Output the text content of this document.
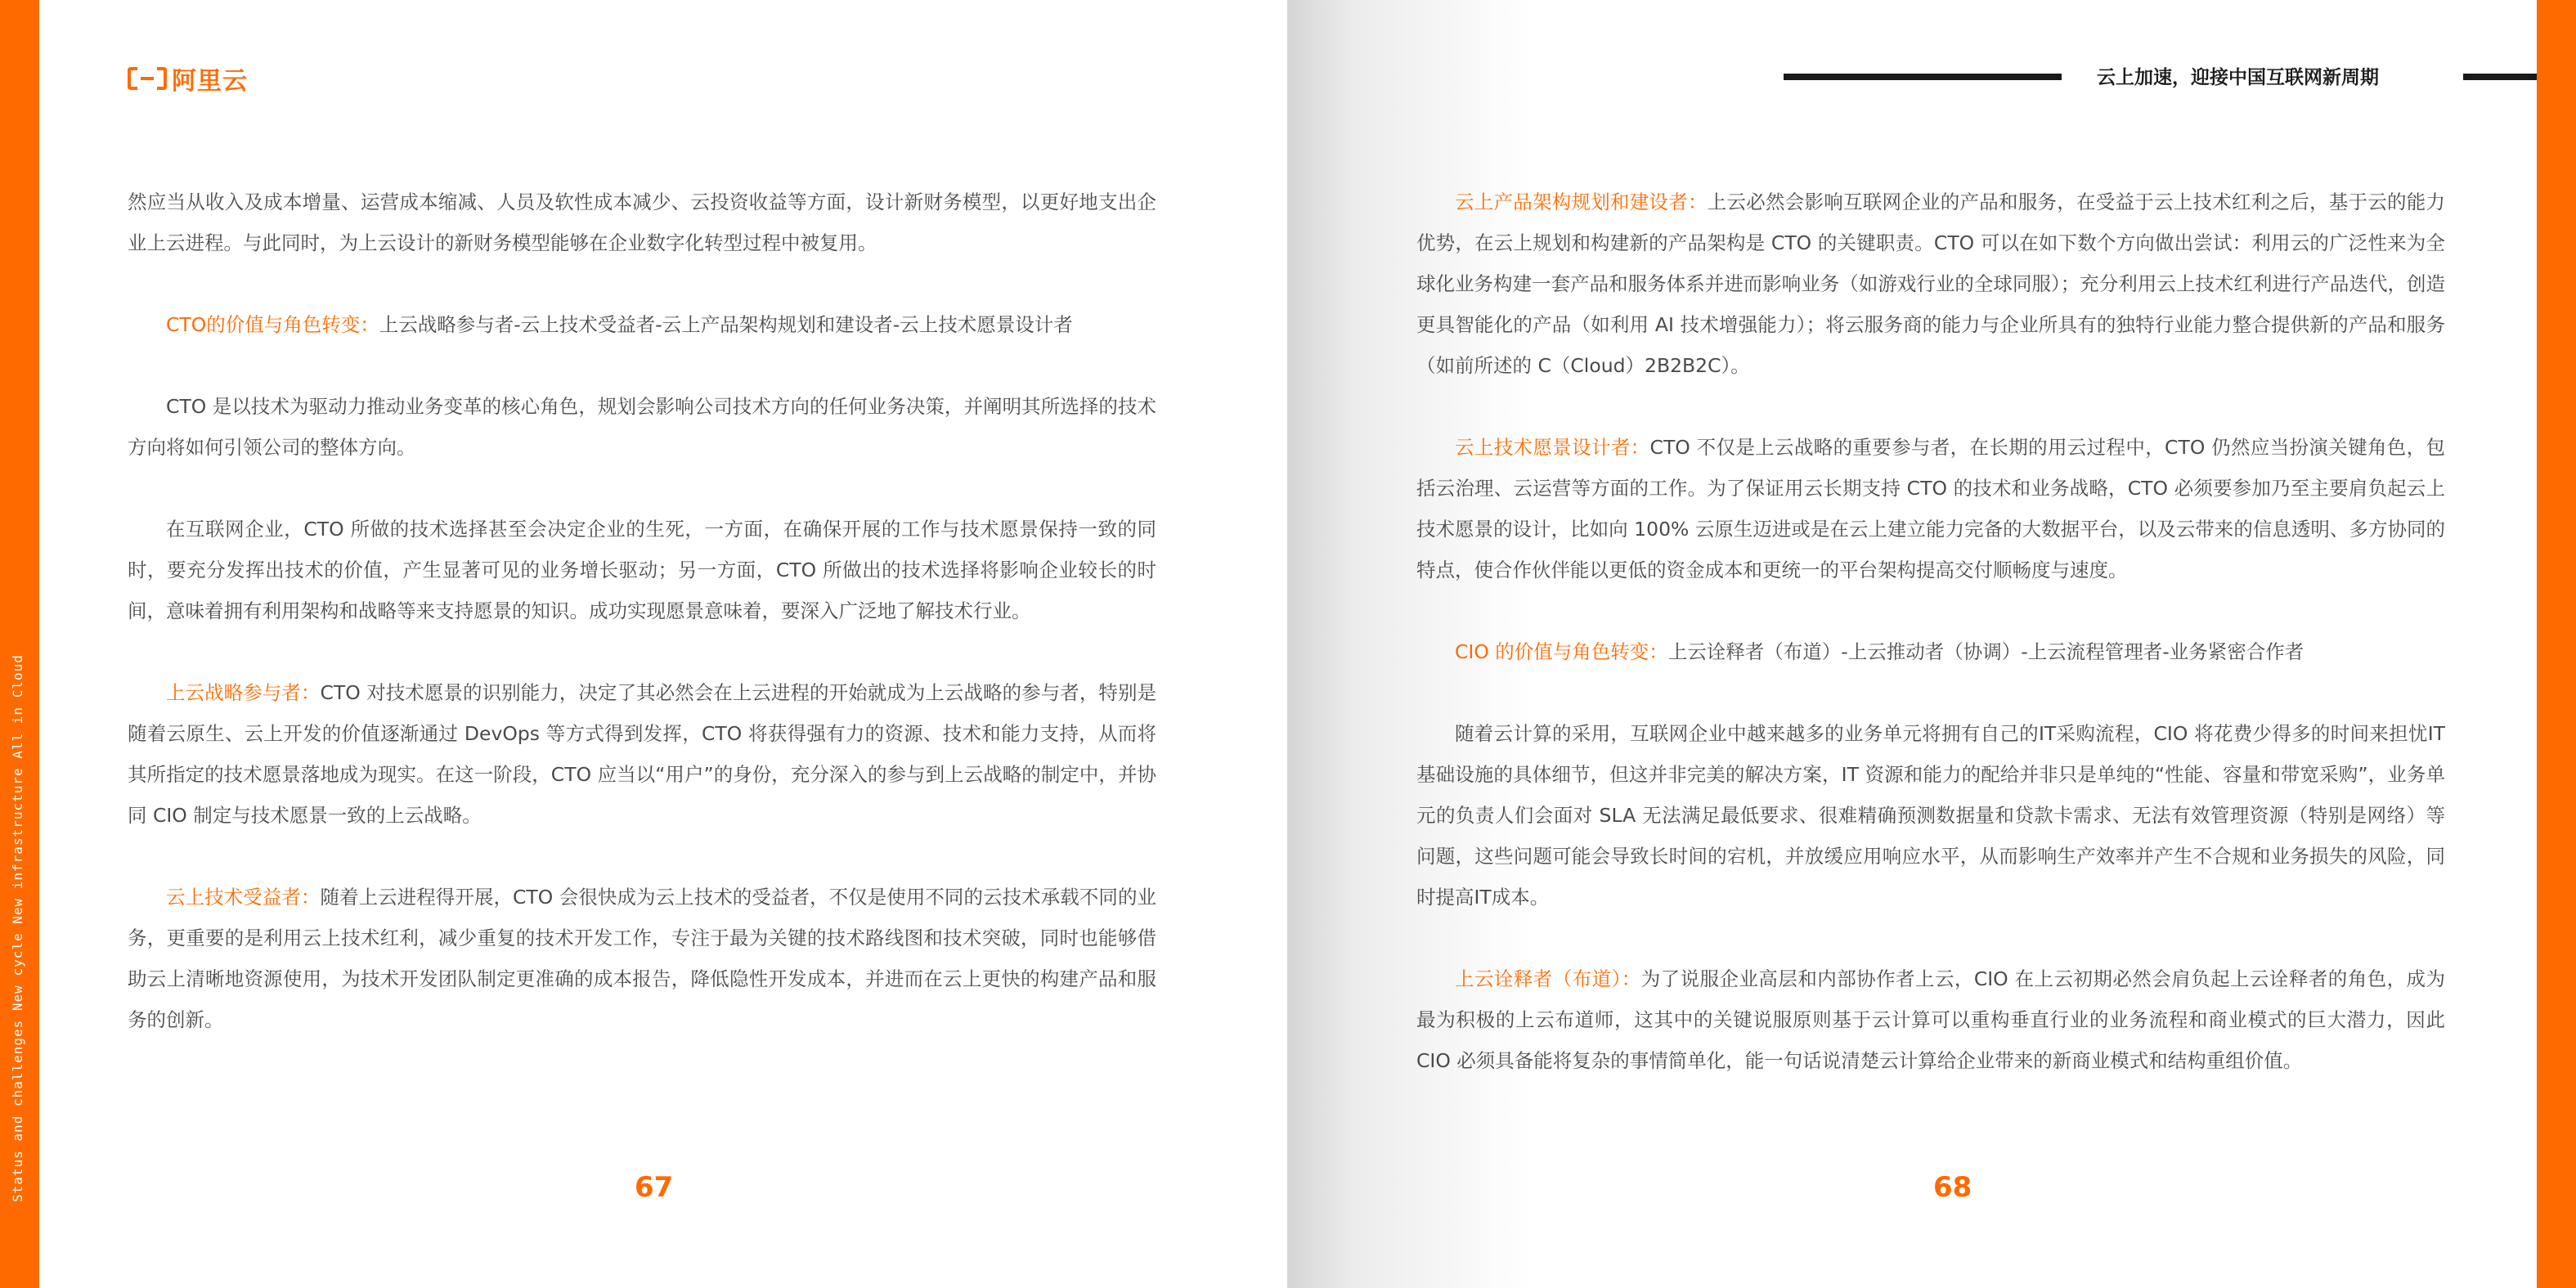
Status and challenges New cycle New infrastructure All in Cloud
阿里云

然应当从收入及成本增量、运营成本缩减、人员及软性成本减少、云投资收益等方面，设计新财务模型，以更好地支出企业上云进程。与此同时，为上云设计的新财务模型能够在企业数字化转型过程中被复用。

CTO的价值与角色转变：上云战略参与者-云上技术受益者-云上产品架构规划和建设者-云上技术愿景设计者

CTO 是以技术为驱动力推动业务变革的核心角色，规划会影响公司技术方向的任何业务决策，并阐明其所选择的技术方向将如何引领公司的整体方向。

在互联网企业，CTO 所做的技术选择甚至会决定企业的生死，一方面，在确保开展的工作与技术愿景保持一致的同时，要充分发挥出技术的价值，产生显著可见的业务增长驱动；另一方面，CTO 所做出的技术选择将影响企业较长的时间，意味着拥有利用架构和战略等来支持愿景的知识。成功实现愿景意味着，要深入广泛地了解技术行业。

上云战略参与者：CTO 对技术愿景的识别能力，决定了其必然会在上云进程的开始就成为上云战略的参与者，特别是随着云原生、云上开发的价值逐渐通过 DevOps 等方式得到发挥，CTO 将获得强有力的资源、技术和能力支持，从而将其所指定的技术愿景落地成为现实。在这一阶段，CTO 应当以“用户”的身份，充分深入的参与到上云战略的制定中，并协同 CIO 制定与技术愿景一致的上云战略。

云上技术受益者：随着上云进程得开展，CTO 会很快成为云上技术的受益者，不仅是使用不同的云技术承载不同的业务，更重要的是利用云上技术红利，减少重复的技术开发工作，专注于最为关键的技术路线图和技术突破，同时也能够借助云上清晰地资源使用，为技术开发团队制定更准确的成本报告，降低隐性开发成本，并进而在云上更快的构建产品和服务的创新。

67
云上加速，迎接中国互联网新周期

云上产品架构规划和建设者：上云必然会影响互联网企业的产品和服务，在受益于云上技术红利之后，基于云的能力优势，在云上规划和构建新的产品架构是 CTO 的关键职责。CTO 可以在如下数个方向做出尝试：利用云的广泛性来为全球化业务构建一套产品和服务体系并进而影响业务（如游戏行业的全球同服）；充分利用云上技术红利进行产品迭代，创造更具智能化的产品（如利用 AI 技术增强能力）；将云服务商的能力与企业所具有的独特行业能力整合提供新的产品和服务（如前所述的 C（Cloud）2B2B2C）。

云上技术愿景设计者：CTO 不仅是上云战略的重要参与者，在长期的用云过程中，CTO 仍然应当扮演关键角色，包括云治理、云运营等方面的工作。为了保证用云长期支持 CTO 的技术和业务战略，CTO 必须要参加乃至主要肩负起云上技术愿景的设计，比如向 100% 云原生迈进或是在云上建立能力完备的大数据平台，以及云带来的信息透明、多方协同的特点，使合作伙伴能以更低的资金成本和更统一的平台架构提高交付顺畅度与速度。

CIO 的价值与角色转变：上云诠释者（布道）-上云推动者（协调）-上云流程管理者-业务紧密合作者

随着云计算的采用，互联网企业中越来越多的业务单元将拥有自己的IT采购流程，CIO 将花费少得多的时间来担忧IT基础设施的具体细节，但这并非完美的解决方案，IT 资源和能力的配给并非只是单纯的“性能、容量和带宽采购”，业务单元的负责人们会面对 SLA 无法满足最低要求、很难精确预测数据量和贷款卡需求、无法有效管理资源（特别是网络）等问题，这些问题可能会导致长时间的宕机，并放缓应用响应水平，从而影响生产效率并产生不合规和业务损失的风险，同时提高IT成本。

上云诠释者（布道）：为了说服企业高层和内部协作者上云，CIO 在上云初期必然会肩负起上云诠释者的角色，成为最为积极的上云布道师，这其中的关键说服原则基于云计算可以重构垂直行业的业务流程和商业模式的巨大潜力，因此 CIO 必须具备能将复杂的事情简单化，能一句话说清楚云计算给企业带来的新商业模式和结构重组价值。

68
